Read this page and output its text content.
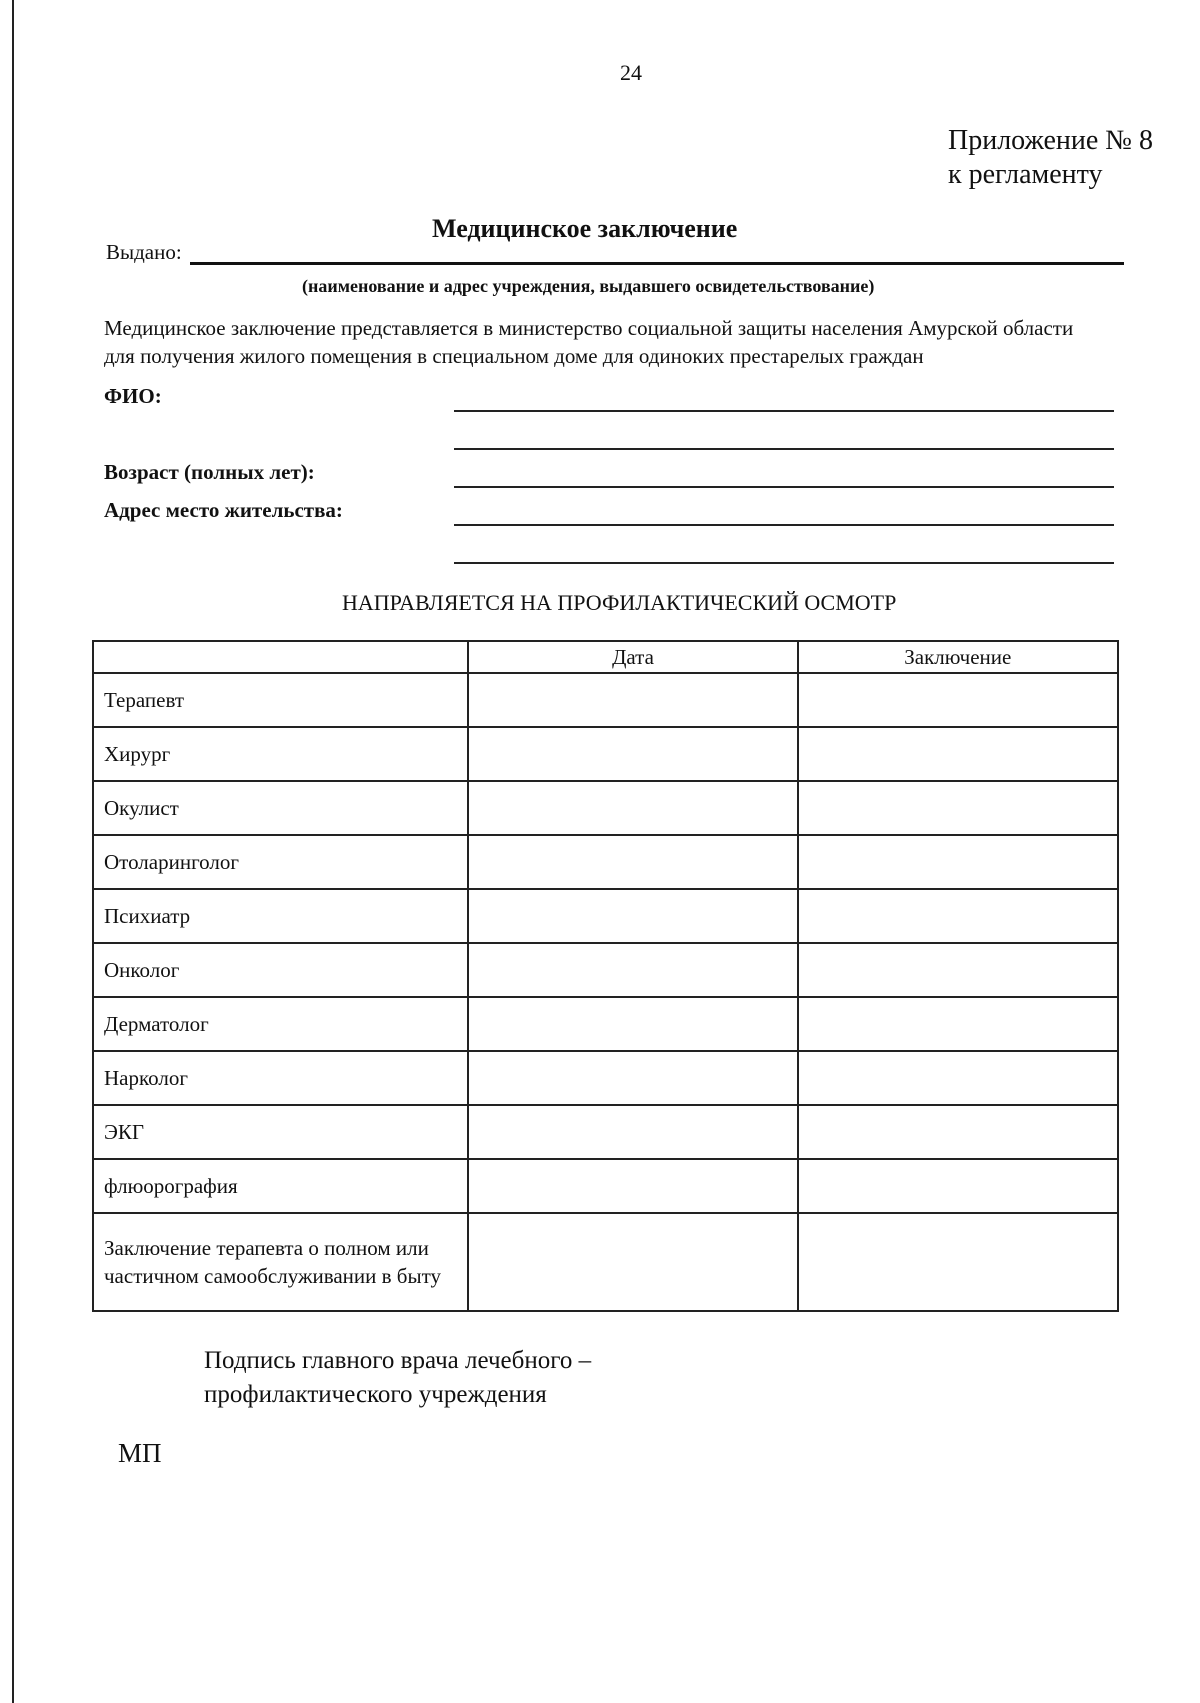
24
Приложение № 8
к регламенту
Медицинское заключение
Выдано:
(наименование и адрес учреждения, выдавшего освидетельствование)
Медицинское заключение представляется в министерство социальной защиты населения Амурской области для получения жилого помещения в специальном доме для одиноких престарелых граждан
ФИО:
Возраст (полных лет):
Адрес место жительства:
НАПРАВЛЯЕТСЯ НА ПРОФИЛАКТИЧЕСКИЙ ОСМОТР
	Дата	Заключение
Терапевт		
Хирург		
Окулист		
Отоларинголог		
Психиатр		
Онколог		
Дерматолог		
Нарколог		
ЭКГ		
флюорография		
Заключение терапевта о полном или частичном самообслуживании в быту		
Подпись главного врача лечебного –
профилактического учреждения
МП
